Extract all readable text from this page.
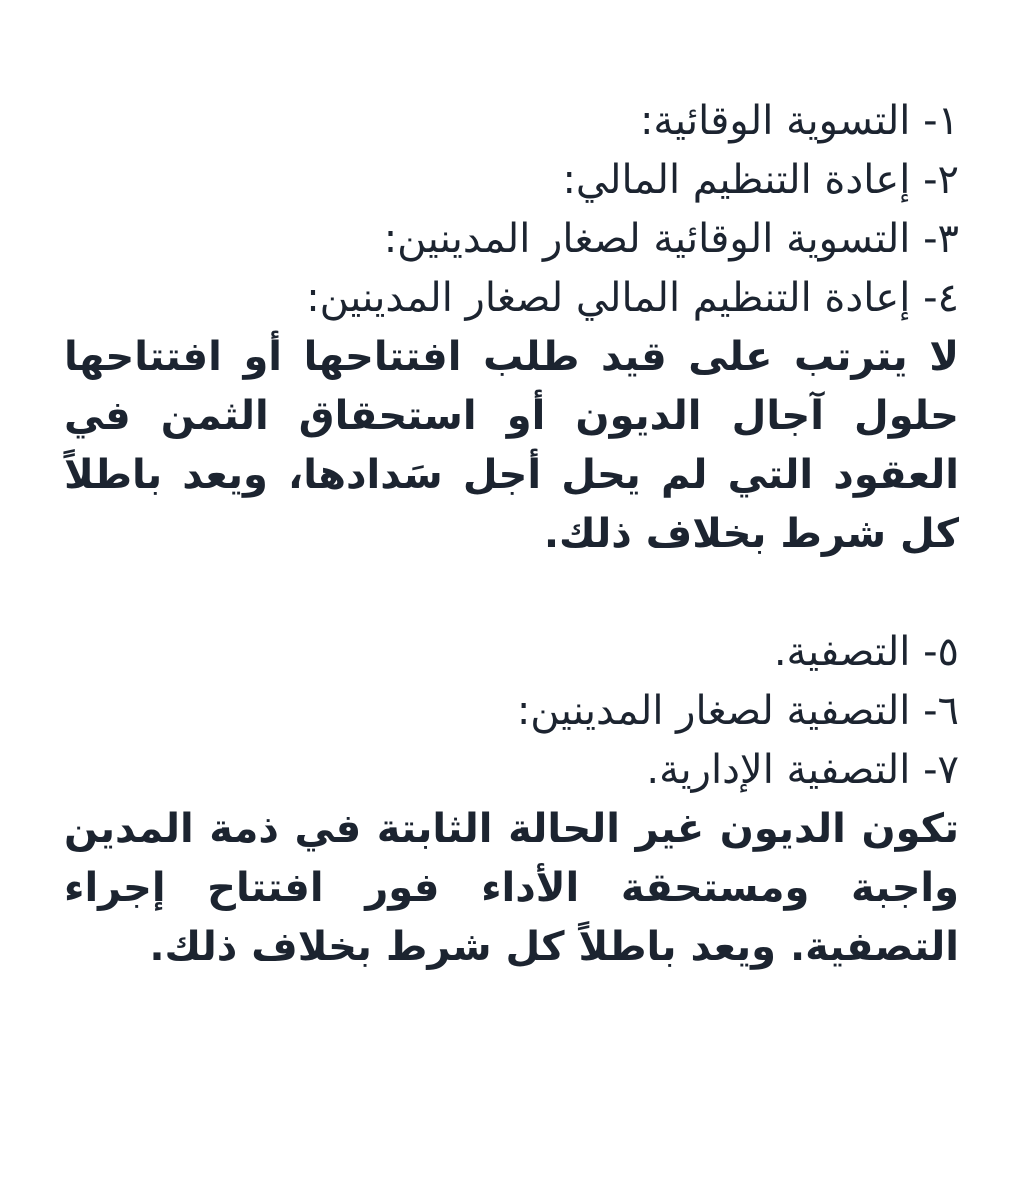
١- التسوية الوقائية:
٢- إعادة التنظيم المالي:
٣- التسوية الوقائية لصغار المدينين:
٤- إعادة التنظيم المالي لصغار المدينين:

لا يترتب على قيد طلب افتتاحها أو افتتاحها حلول آجال الديون أو استحقاق الثمن في العقود التي لم يحل أجل سَدادها، ويعد باطلاً كل شرط بخلاف ذلك.

٥- التصفية.
٦- التصفية لصغار المدينين:
٧- التصفية الإدارية.

تكون الديون غير الحالة الثابتة في ذمة المدين واجبة ومستحقة الأداء فور افتتاح إجراء التصفية. ويعد باطلاً كل شرط بخلاف ذلك.
